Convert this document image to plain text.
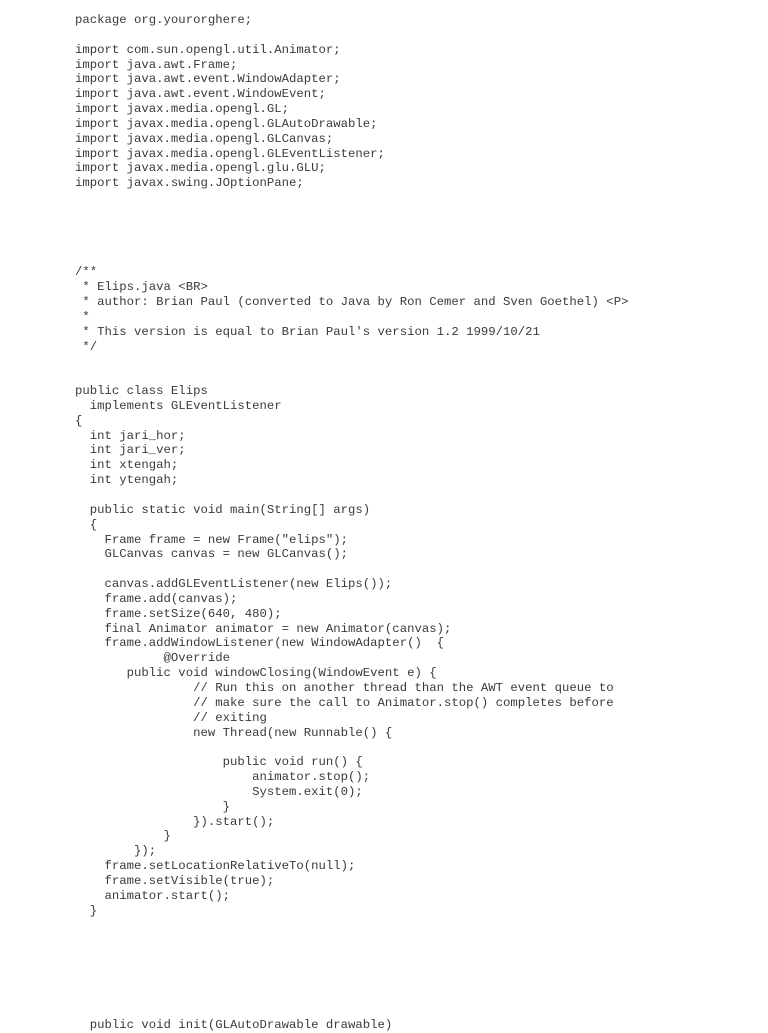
package org.yourorghere;
import com.sun.opengl.util.Animator;
import java.awt.Frame;
import java.awt.event.WindowAdapter;
import java.awt.event.WindowEvent;
import javax.media.opengl.GL;
import javax.media.opengl.GLAutoDrawable;
import javax.media.opengl.GLCanvas;
import javax.media.opengl.GLEventListener;
import javax.media.opengl.glu.GLU;
import javax.swing.JOptionPane;
/**
* Elips.java <BR>
* author: Brian Paul (converted to Java by Ron Cemer and Sven Goethel) <P>
*
* This version is equal to Brian Paul's version 1.2 1999/10/21
*/
public class Elips
implements GLEventListener
{
int jari_hor;
int jari_ver;
int xtengah;
int ytengah;
public static void main(String[] args)
{
Frame frame = new Frame("elips");
GLCanvas canvas = new GLCanvas();
canvas.addGLEventListener(new Elips());
frame.add(canvas);
frame.setSize(640, 480);
final Animator animator = new Animator(canvas);
frame.addWindowListener(new WindowAdapter()  {
@Override
public void windowClosing(WindowEvent e) {
// Run this on another thread than the AWT event queue to
// make sure the call to Animator.stop() completes before
// exiting
new Thread(new Runnable() {
public void run() {
animator.stop();
System.exit(0);
}
}).start();
}
});
frame.setLocationRelativeTo(null);
frame.setVisible(true);
animator.start();
}
public void init(GLAutoDrawable drawable)
